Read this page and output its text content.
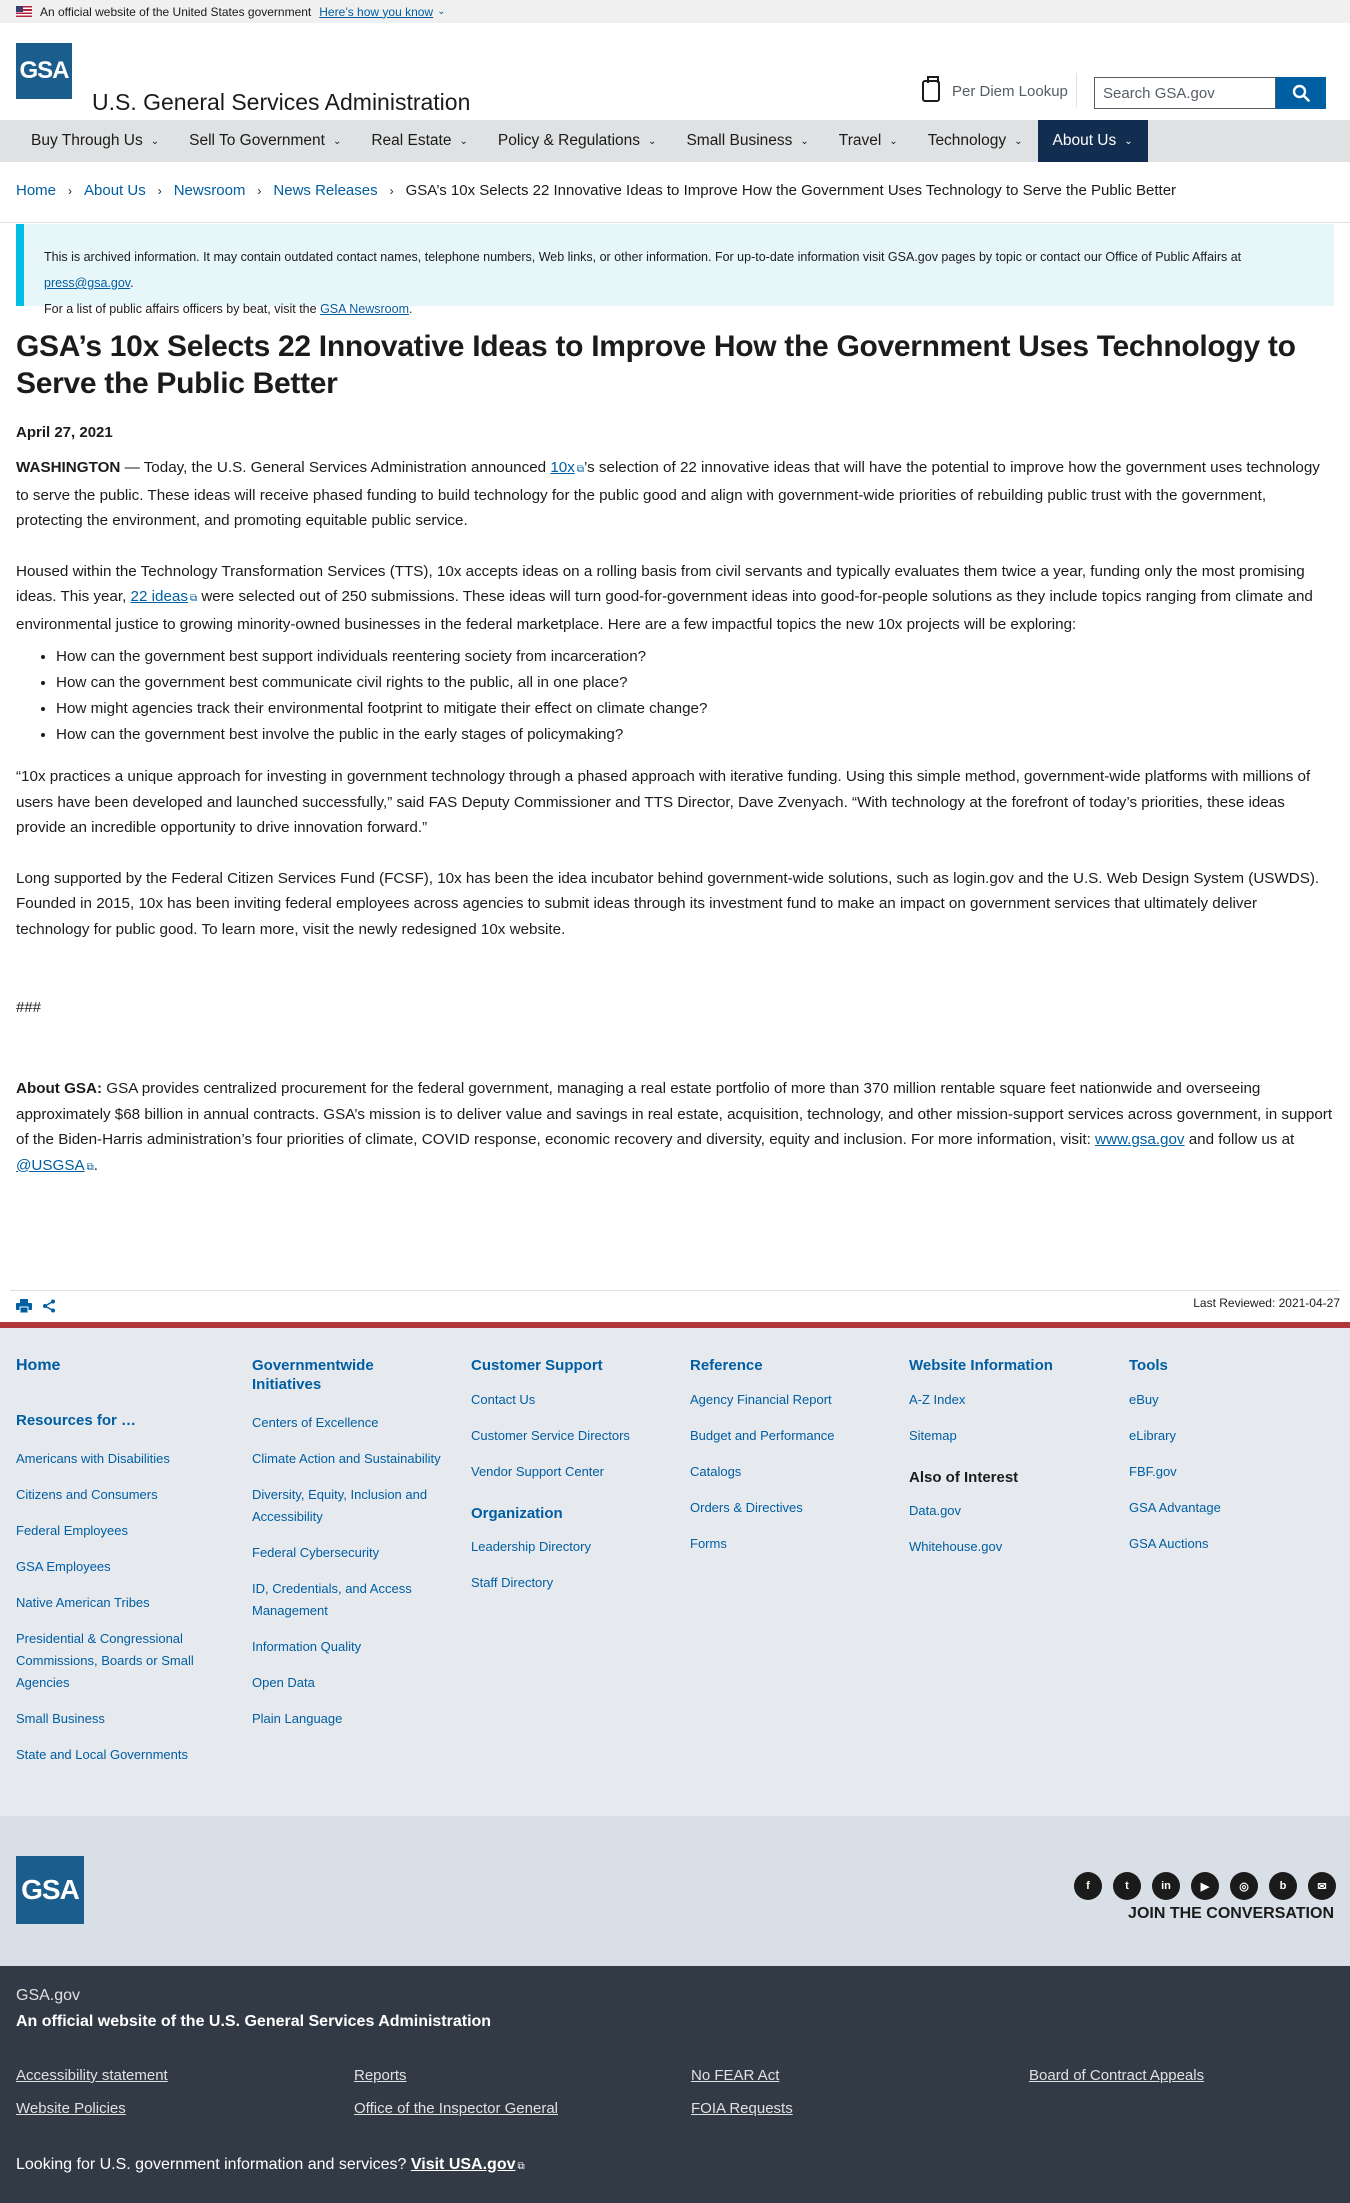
An official website of the United States government Here’s how you know ⌄
GSA
U.S. General Services Administration	Per Diem Lookup
Search GSA.gov
Buy Through Us ⌄ Sell To Government ⌄ Real Estate ⌄ Policy & Regulations ⌄ Small Business ⌄ Travel ⌄ Technology ⌄ About Us ⌄
Home › About Us › Newsroom › News Releases › GSA’s 10x Selects 22 Innovative Ideas to Improve How the Government Uses Technology to Serve the Public Better
This is archived information. It may contain outdated contact names, telephone numbers, Web links, or other information. For up-to-date information visit GSA.gov pages by topic or contact our Office of Public Affairs at press@gsa.gov.
For a list of public affairs officers by beat, visit the GSA Newsroom.
GSA’s 10x Selects 22 Innovative Ideas to Improve How the Government Uses Technology to Serve the Public Better
April 27, 2021

WASHINGTON — Today, the U.S. General Services Administration announced 10x ⧉’s selection of 22 innovative ideas that will have the potential to improve how the government uses technology to serve the public. These ideas will receive phased funding to build technology for the public good and align with government-wide priorities of rebuilding public trust with the government, protecting the environment, and promoting equitable public service.

Housed within the Technology Transformation Services (TTS), 10x accepts ideas on a rolling basis from civil servants and typically evaluates them twice a year, funding only the most promising ideas. This year, 22 ideas ⧉ were selected out of 250 submissions. These ideas will turn good-for-government ideas into good-for-people solutions as they include topics ranging from climate and environmental justice to growing minority-owned businesses in the federal marketplace. Here are a few impactful topics the new 10x projects will be exploring:

• How can the government best support individuals reentering society from incarceration?
• How can the government best communicate civil rights to the public, all in one place?
• How might agencies track their environmental footprint to mitigate their effect on climate change?
• How can the government best involve the public in the early stages of policymaking?

“10x practices a unique approach for investing in government technology through a phased approach with iterative funding. Using this simple method, government-wide platforms with millions of users have been developed and launched successfully,” said FAS Deputy Commissioner and TTS Director, Dave Zvenyach. “With technology at the forefront of today’s priorities, these ideas provide an incredible opportunity to drive innovation forward.”

Long supported by the Federal Citizen Services Fund (FCSF), 10x has been the idea incubator behind government-wide solutions, such as login.gov and the U.S. Web Design System (USWDS). Founded in 2015, 10x has been inviting federal employees across agencies to submit ideas through its investment fund to make an impact on government services that ultimately deliver technology for public good. To learn more, visit the newly redesigned 10x website.

###

About GSA: GSA provides centralized procurement for the federal government, managing a real estate portfolio of more than 370 million rentable square feet nationwide and overseeing approximately $68 billion in annual contracts. GSA’s mission is to deliver value and savings in real estate, acquisition, technology, and other mission-support services across government, in support of the Biden-Harris administration’s four priorities of climate, COVID response, economic recovery and diversity, equity and inclusion. For more information, visit: www.gsa.gov and follow us at @USGSA ⧉.

Last Reviewed: 2021-04-27
Home
Resources for …
Americans with Disabilities
Citizens and Consumers
Federal Employees
GSA Employees
Native American Tribes
Presidential & Congressional Commissions, Boards or Small Agencies
Small Business
State and Local Governments
Governmentwide Initiatives
Centers of Excellence
Climate Action and Sustainability
Diversity, Equity, Inclusion and Accessibility
Federal Cybersecurity
ID, Credentials, and Access Management
Information Quality
Open Data
Plain Language
Customer Support
Contact Us
Customer Service Directors
Vendor Support Center
Organization
Leadership Directory
Staff Directory
Reference
Agency Financial Report
Budget and Performance
Catalogs
Orders & Directives
Forms
Website Information
A-Z Index
Sitemap
Also of Interest
Data.gov
Whitehouse.gov
Tools
eBuy
eLibrary
FBF.gov
GSA Advantage
GSA Auctions
GSA	f	t	in	▶	◎	b	✉
JOIN THE CONVERSATION
GSA.gov
An official website of the U.S. General Services Administration
Accessibility statement
Website Policies
Reports
Office of the Inspector General
No FEAR Act
FOIA Requests
Board of Contract Appeals
Looking for U.S. government information and services? Visit USA.gov ⧉
